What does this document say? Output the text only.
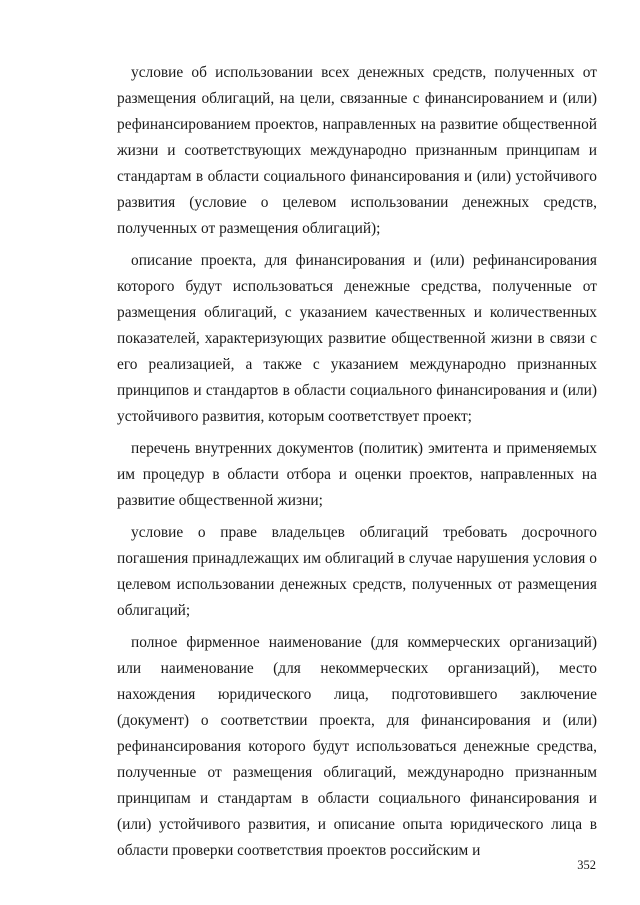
условие об использовании всех денежных средств, полученных от размещения облигаций, на цели, связанные с финансированием и (или) рефинансированием проектов, направленных на развитие общественной жизни и соответствующих международно признанным принципам и стандартам в области социального финансирования и (или) устойчивого развития (условие о целевом использовании денежных средств, полученных от размещения облигаций);

описание проекта, для финансирования и (или) рефинансирования которого будут использоваться денежные средства, полученные от размещения облигаций, с указанием качественных и количественных показателей, характеризующих развитие общественной жизни в связи с его реализацией, а также с указанием международно признанных принципов и стандартов в области социального финансирования и (или) устойчивого развития, которым соответствует проект;

перечень внутренних документов (политик) эмитента и применяемых им процедур в области отбора и оценки проектов, направленных на развитие общественной жизни;

условие о праве владельцев облигаций требовать досрочного погашения принадлежащих им облигаций в случае нарушения условия о целевом использовании денежных средств, полученных от размещения облигаций;

полное фирменное наименование (для коммерческих организаций) или наименование (для некоммерческих организаций), место нахождения юридического лица, подготовившего заключение (документ) о соответствии проекта, для финансирования и (или) рефинансирования которого будут использоваться денежные средства, полученные от размещения облигаций, международно признанным принципам и стандартам в области социального финансирования и (или) устойчивого развития, и описание опыта юридического лица в области проверки соответствия проектов российским и

352
